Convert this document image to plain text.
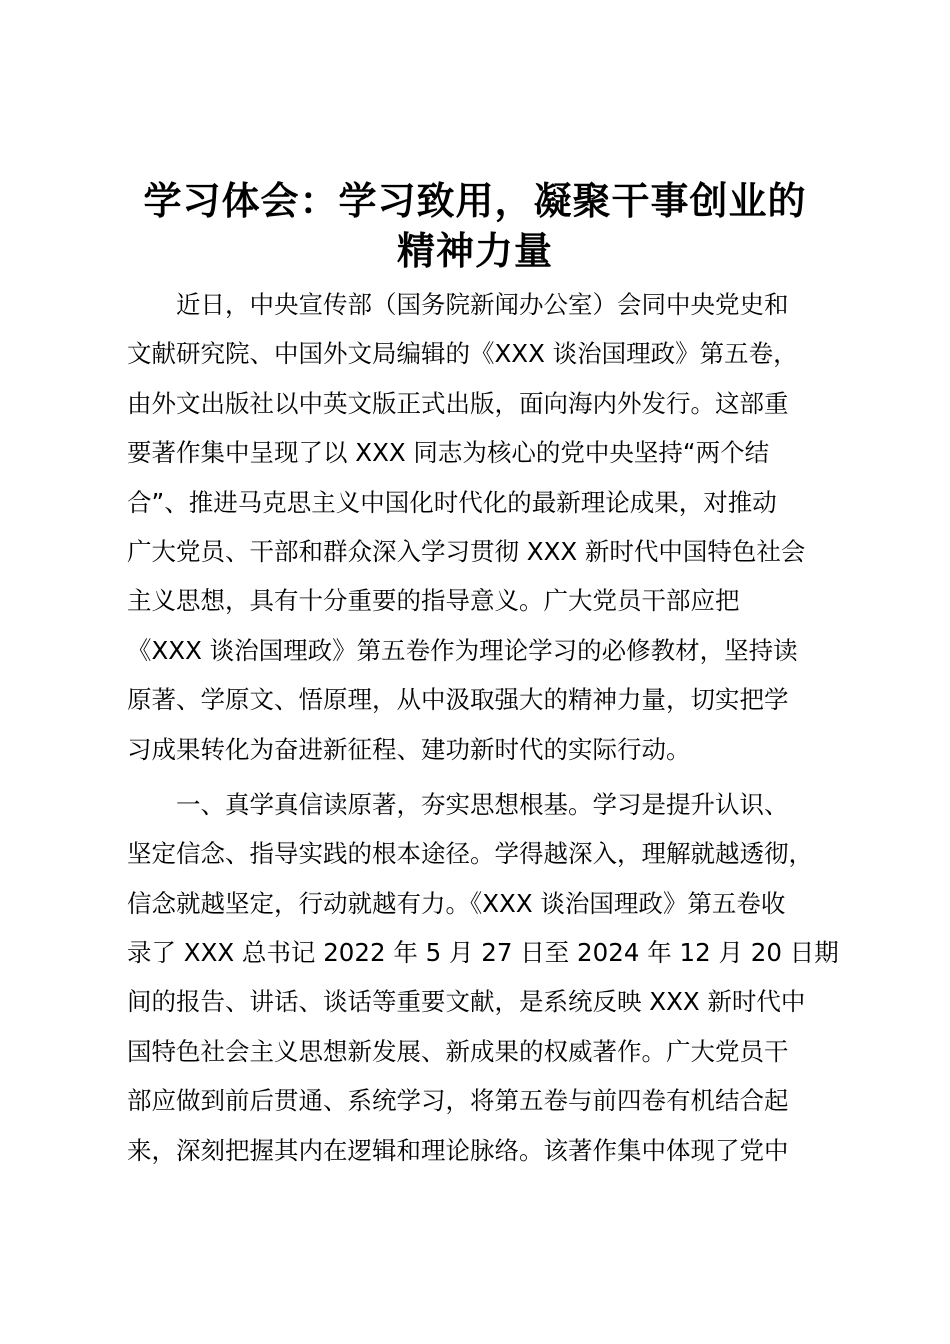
学习体会：学习致用，凝聚干事创业的
精神力量
　　近日，中央宣传部（国务院新闻办公室）会同中央党史和
文献研究院、中国外文局编辑的《XXX 谈治国理政》第五卷，
由外文出版社以中英文版正式出版，面向海内外发行。这部重
要著作集中呈现了以 XXX 同志为核心的党中央坚持“两个结
合”、推进马克思主义中国化时代化的最新理论成果，对推动
广大党员、干部和群众深入学习贯彻 XXX 新时代中国特色社会
主义思想，具有十分重要的指导意义。广大党员干部应把
《XXX 谈治国理政》第五卷作为理论学习的必修教材，坚持读
原著、学原文、悟原理，从中汲取强大的精神力量，切实把学
习成果转化为奋进新征程、建功新时代的实际行动。
　　一、真学真信读原著，夯实思想根基。学习是提升认识、
坚定信念、指导实践的根本途径。学得越深入，理解就越透彻，
信念就越坚定，行动就越有力。《XXX 谈治国理政》第五卷收
录了 XXX 总书记 2022 年 5 月 27 日至 2024 年 12 月 20 日期
间的报告、讲话、谈话等重要文献，是系统反映 XXX 新时代中
国特色社会主义思想新发展、新成果的权威著作。广大党员干
部应做到前后贯通、系统学习，将第五卷与前四卷有机结合起
来，深刻把握其内在逻辑和理论脉络。该著作集中体现了党中
